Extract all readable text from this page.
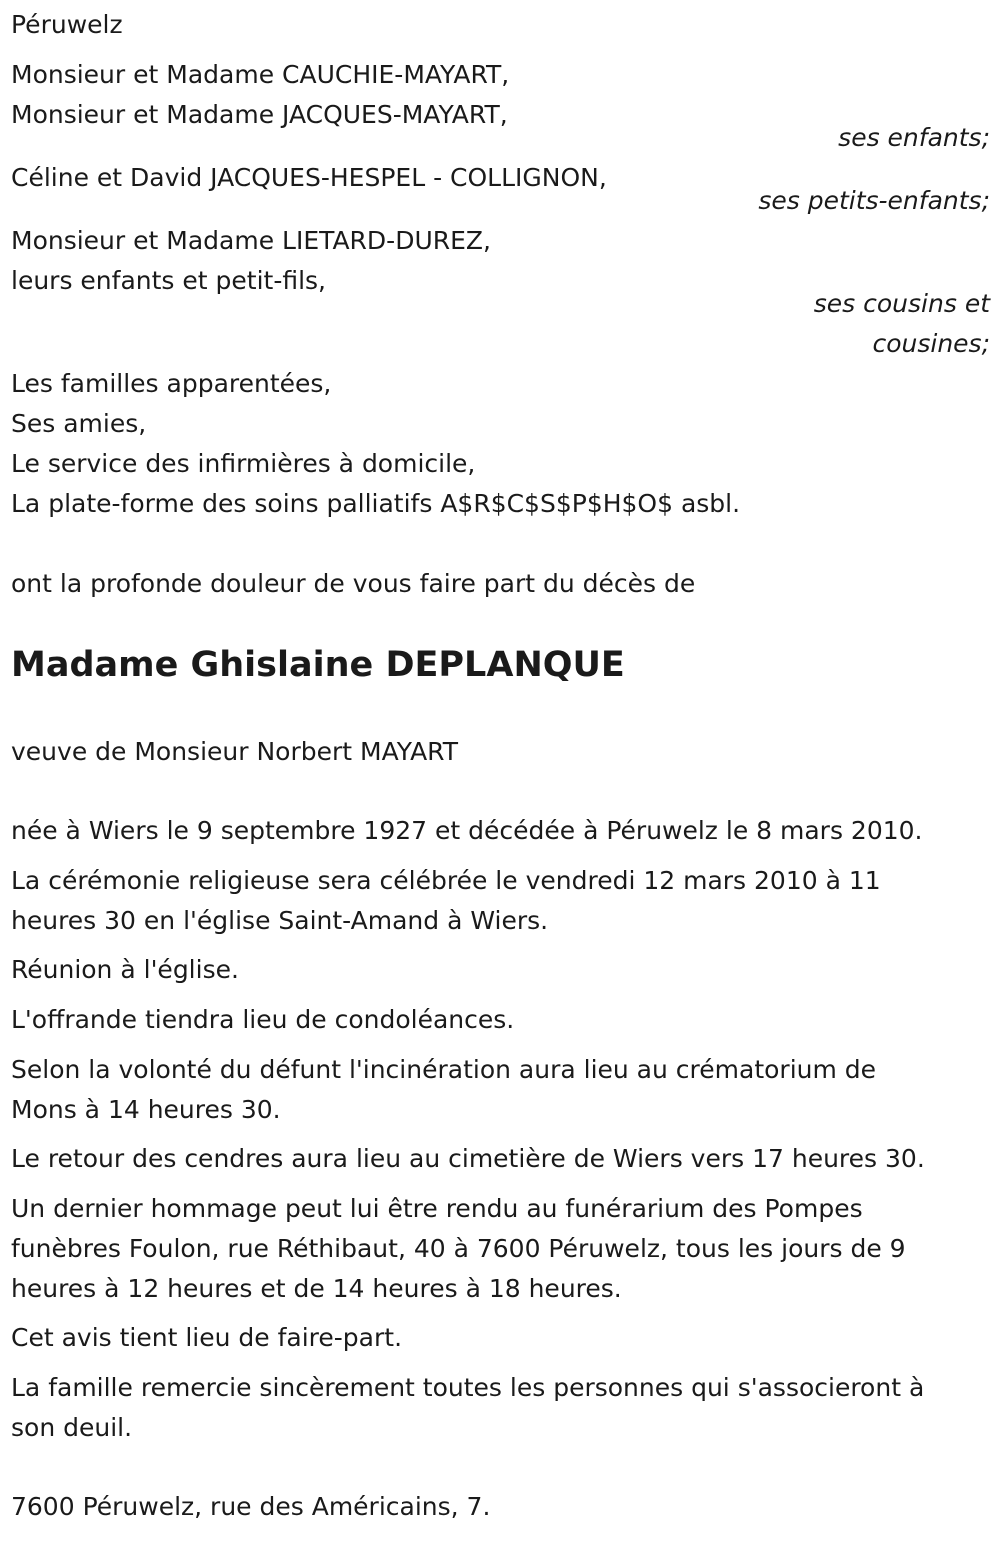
Péruwelz
Monsieur et Madame CAUCHIE-MAYART,
Monsieur et Madame JACQUES-MAYART,
ses enfants;
Céline et David JACQUES-HESPEL - COLLIGNON,
ses petits-enfants;
Monsieur et Madame LIETARD-DUREZ,
leurs enfants et petit-fils,
ses cousins et
cousines;
Les familles apparentées,
Ses amies,
Le service des infirmières à domicile,
La plate-forme des soins palliatifs A$R$C$S$P$H$O$ asbl.
ont la profonde douleur de vous faire part du décès de
Madame Ghislaine DEPLANQUE
veuve de Monsieur Norbert MAYART
née à Wiers le 9 septembre 1927 et décédée à Péruwelz le 8 mars 2010.
La cérémonie religieuse sera célébrée le vendredi 12 mars 2010 à 11
heures 30 en l'église Saint-Amand à Wiers.
Réunion à l'église.
L'offrande tiendra lieu de condoléances.
Selon la volonté du défunt l'incinération aura lieu au crématorium de
Mons à 14 heures 30.
Le retour des cendres aura lieu au cimetière de Wiers vers 17 heures 30.
Un dernier hommage peut lui être rendu au funérarium des Pompes
funèbres Foulon, rue Réthibaut, 40 à 7600 Péruwelz, tous les jours de 9
heures à 12 heures et de 14 heures à 18 heures.
Cet avis tient lieu de faire-part.
La famille remercie sincèrement toutes les personnes qui s'associeront à
son deuil.
7600 Péruwelz, rue des Américains, 7.
